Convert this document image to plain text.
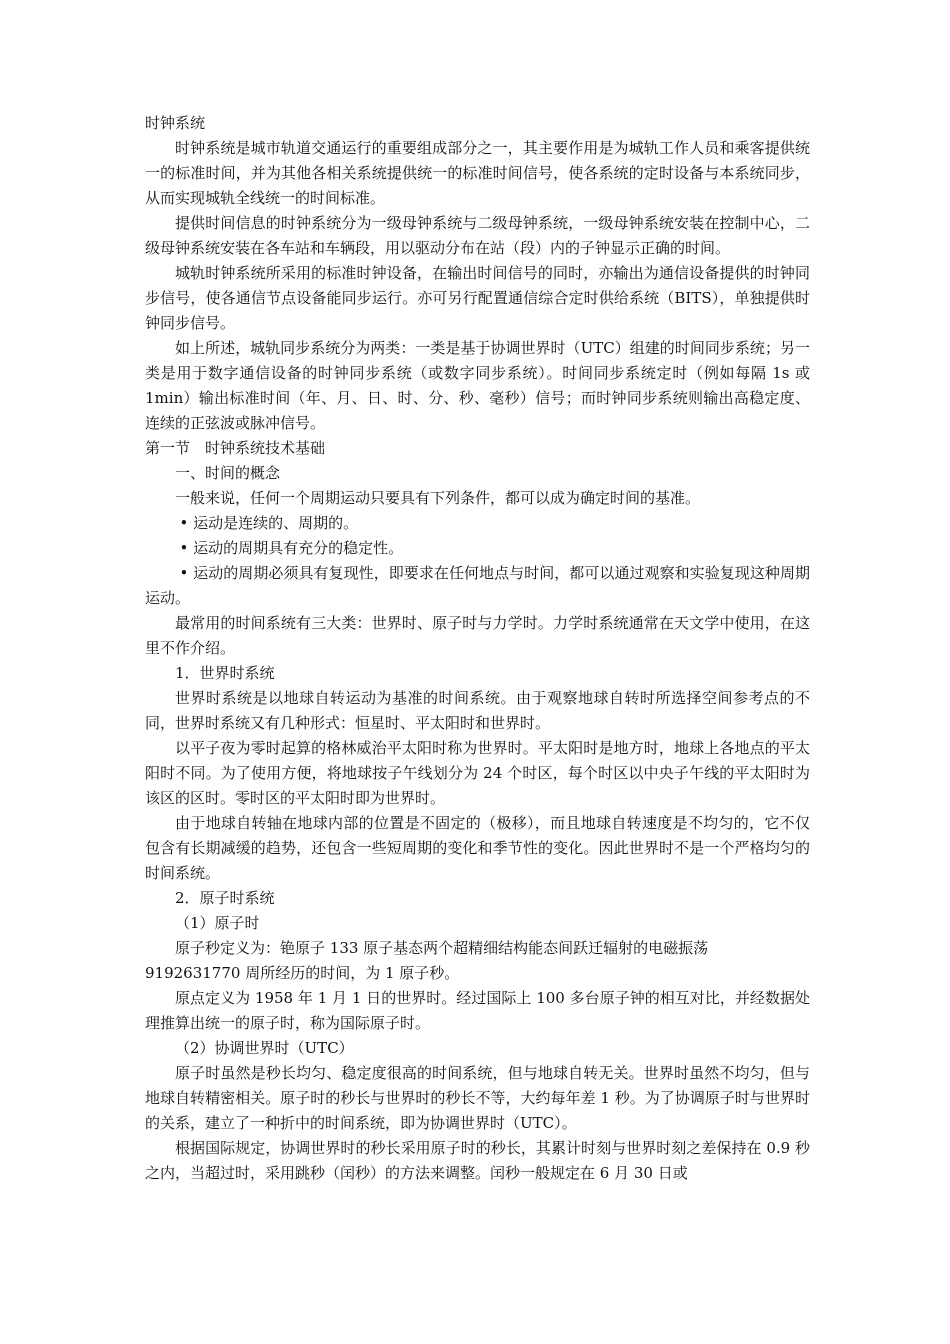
时钟系统

时钟系统是城市轨道交通运行的重要组成部分之一，其主要作用是为城轨工作人员和乘客提供统一的标准时间，并为其他各相关系统提供统一的标准时间信号，使各系统的定时设备与本系统同步，从而实现城轨全线统一的时间标准。

提供时间信息的时钟系统分为一级母钟系统与二级母钟系统，一级母钟系统安装在控制中心，二级母钟系统安装在各车站和车辆段，用以驱动分布在站（段）内的子钟显示正确的时间。

城轨时钟系统所采用的标准时钟设备，在输出时间信号的同时，亦输出为通信设备提供的时钟同步信号，使各通信节点设备能同步运行。亦可另行配置通信综合定时供给系统（BITS），单独提供时钟同步信号。

如上所述，城轨同步系统分为两类：一类是基于协调世界时（UTC）组建的时间同步系统；另一类是用于数字通信设备的时钟同步系统（或数字同步系统）。时间同步系统定时（例如每隔 1s 或 1min）输出标准时间（年、月、日、时、分、秒、毫秒）信号；而时钟同步系统则输出高稳定度、连续的正弦波或脉冲信号。

第一节　时钟系统技术基础

一、时间的概念

一般来说，任何一个周期运动只要具有下列条件，都可以成为确定时间的基准。

• 运动是连续的、周期的。

• 运动的周期具有充分的稳定性。

• 运动的周期必须具有复现性，即要求在任何地点与时间，都可以通过观察和实验复现这种周期运动。

最常用的时间系统有三大类：世界时、原子时与力学时。力学时系统通常在天文学中使用，在这里不作介绍。

1．世界时系统

世界时系统是以地球自转运动为基准的时间系统。由于观察地球自转时所选择空间参考点的不同，世界时系统又有几种形式：恒星时、平太阳时和世界时。

以平子夜为零时起算的格林威治平太阳时称为世界时。平太阳时是地方时，地球上各地点的平太阳时不同。为了使用方便，将地球按子午线划分为 24 个时区，每个时区以中央子午线的平太阳时为该区的区时。零时区的平太阳时即为世界时。

由于地球自转轴在地球内部的位置是不固定的（极移），而且地球自转速度是不均匀的，它不仅包含有长期减缓的趋势，还包含一些短周期的变化和季节性的变化。因此世界时不是一个严格均匀的时间系统。

2．原子时系统

（1）原子时

原子秒定义为：铯原子 133 原子基态两个超精细结构能态间跃迁辐射的电磁振荡

9192631770 周所经历的时间，为 1 原子秒。

原点定义为 1958 年 1 月 1 日的世界时。经过国际上 100 多台原子钟的相互对比，并经数据处理推算出统一的原子时，称为国际原子时。

（2）协调世界时（UTC）

原子时虽然是秒长均匀、稳定度很高的时间系统，但与地球自转无关。世界时虽然不均匀，但与地球自转精密相关。原子时的秒长与世界时的秒长不等，大约每年差 1 秒。为了协调原子时与世界时的关系，建立了一种折中的时间系统，即为协调世界时（UTC）。

根据国际规定，协调世界时的秒长采用原子时的秒长，其累计时刻与世界时刻之差保持在 0.9 秒之内，当超过时，采用跳秒（闰秒）的方法来调整。闰秒一般规定在 6 月 30 日或
